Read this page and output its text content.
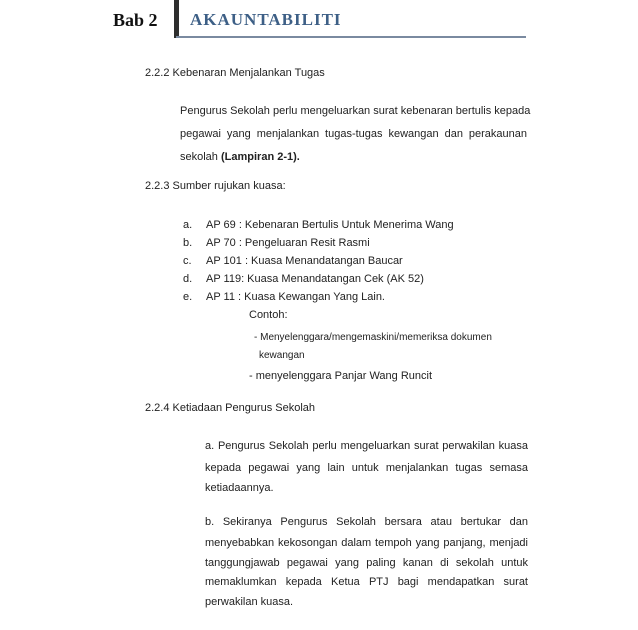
Bab 2 AKAUNTABILITI
2.2.2 Kebenaran Menjalankan Tugas
Pengurus Sekolah perlu mengeluarkan surat kebenaran bertulis kepada
pegawai yang menjalankan tugas-tugas kewangan dan perakaunan
sekolah (Lampiran 2-1).
2.2.3 Sumber rujukan kuasa:
a. AP 69 : Kebenaran Bertulis Untuk Menerima Wang
b. AP 70 : Pengeluaran Resit Rasmi
c. AP 101 : Kuasa Menandatangan Baucar
d. AP 119: Kuasa Menandatangan Cek (AK 52)
e. AP 11 : Kuasa Kewangan Yang Lain.
Contoh:
- Menyelenggara/mengemaskini/memeriksa dokumen
kewangan
- menyelenggara Panjar Wang Runcit
2.2.4 Ketiadaan Pengurus Sekolah
a. Pengurus Sekolah perlu mengeluarkan surat perwakilan kuasa
kepada pegawai yang lain untuk menjalankan tugas semasa
ketiadaannya.
b. Sekiranya Pengurus Sekolah bersara atau bertukar dan
menyebabkan kekosongan dalam tempoh yang panjang, menjadi
tanggungjawab pegawai yang paling kanan di sekolah untuk
memaklumkan kepada Ketua PTJ bagi mendapatkan surat
perwakilan kuasa.
